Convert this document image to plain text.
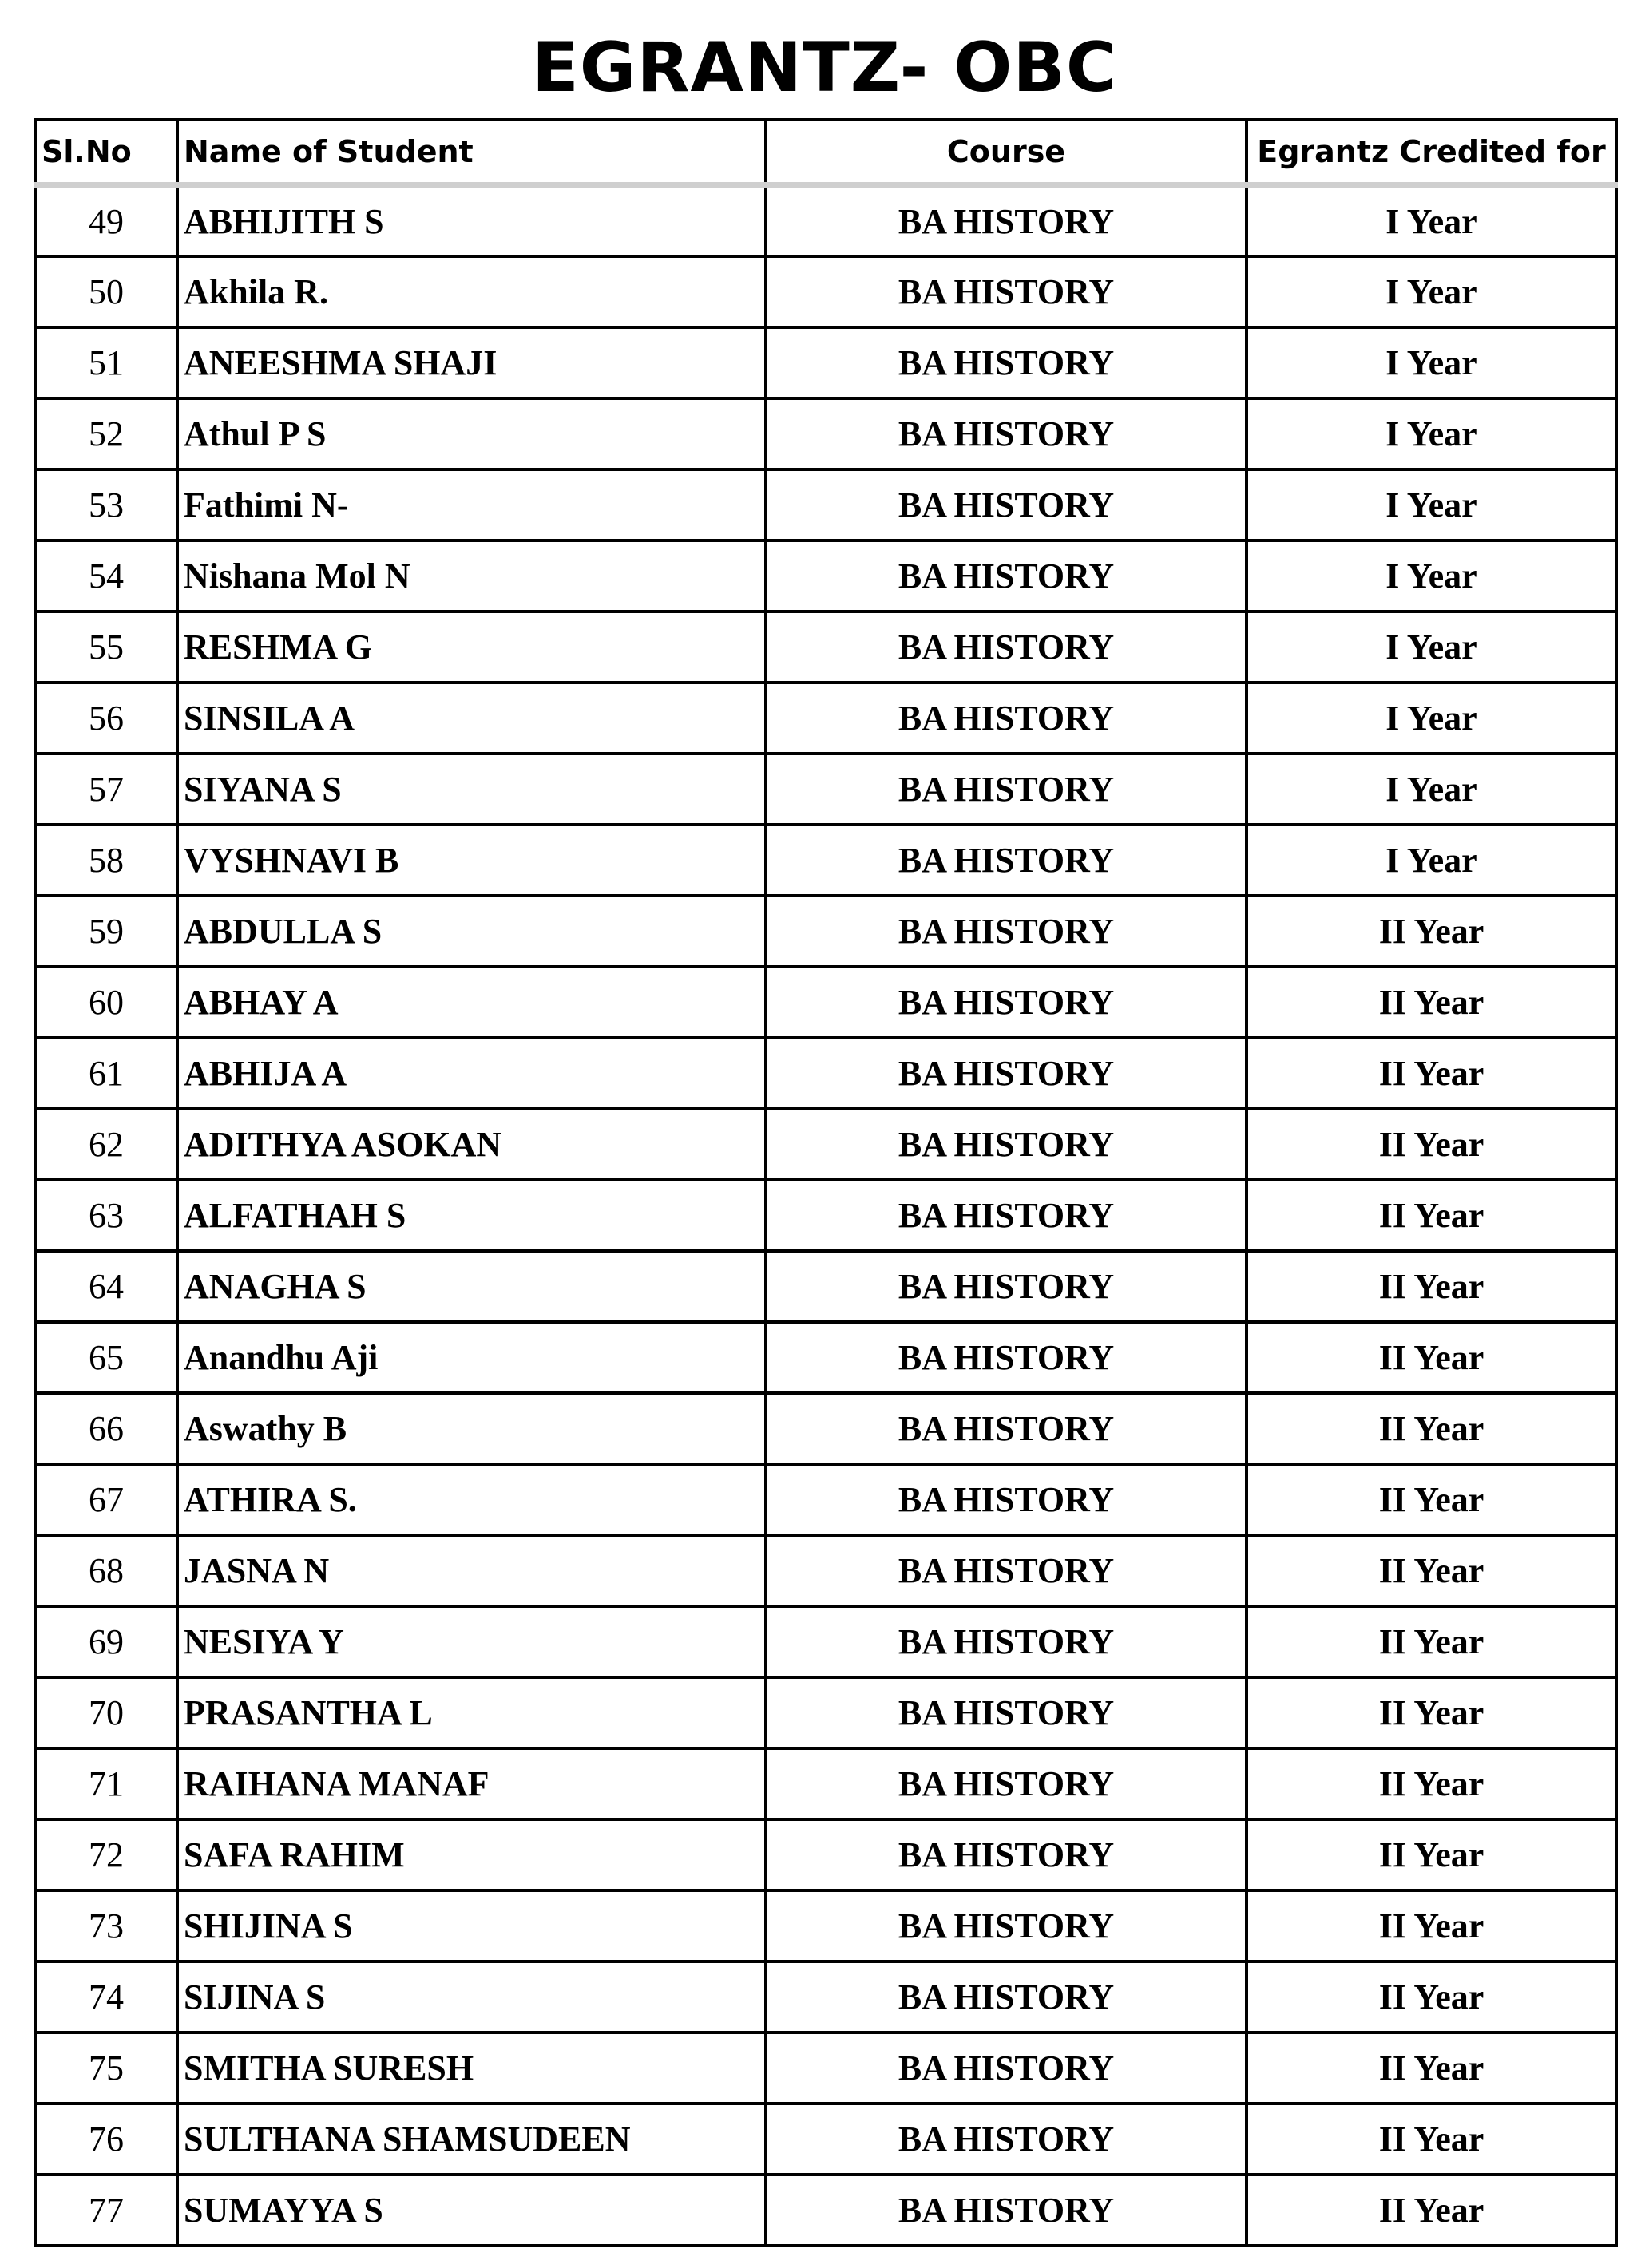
EGRANTZ- OBC
Sl.No	Name of Student	Course	Egrantz Credited for
49	ABHIJITH S	BA HISTORY	I Year
50	Akhila R.	BA HISTORY	I Year
51	ANEESHMA SHAJI	BA HISTORY	I Year
52	Athul P S	BA HISTORY	I Year
53	Fathimi N-	BA HISTORY	I Year
54	Nishana Mol N	BA HISTORY	I Year
55	RESHMA G	BA HISTORY	I Year
56	SINSILA A	BA HISTORY	I Year
57	SIYANA S	BA HISTORY	I Year
58	VYSHNAVI B	BA HISTORY	I Year
59	ABDULLA S	BA HISTORY	II Year
60	ABHAY A	BA HISTORY	II Year
61	ABHIJA A	BA HISTORY	II Year
62	ADITHYA ASOKAN	BA HISTORY	II Year
63	ALFATHAH S	BA HISTORY	II Year
64	ANAGHA S	BA HISTORY	II Year
65	Anandhu Aji	BA HISTORY	II Year
66	Aswathy B	BA HISTORY	II Year
67	ATHIRA S.	BA HISTORY	II Year
68	JASNA N	BA HISTORY	II Year
69	NESIYA Y	BA HISTORY	II Year
70	PRASANTHA L	BA HISTORY	II Year
71	RAIHANA MANAF	BA HISTORY	II Year
72	SAFA RAHIM	BA HISTORY	II Year
73	SHIJINA S	BA HISTORY	II Year
74	SIJINA S	BA HISTORY	II Year
75	SMITHA SURESH	BA HISTORY	II Year
76	SULTHANA SHAMSUDEEN	BA HISTORY	II Year
77	SUMAYYA S	BA HISTORY	II Year
